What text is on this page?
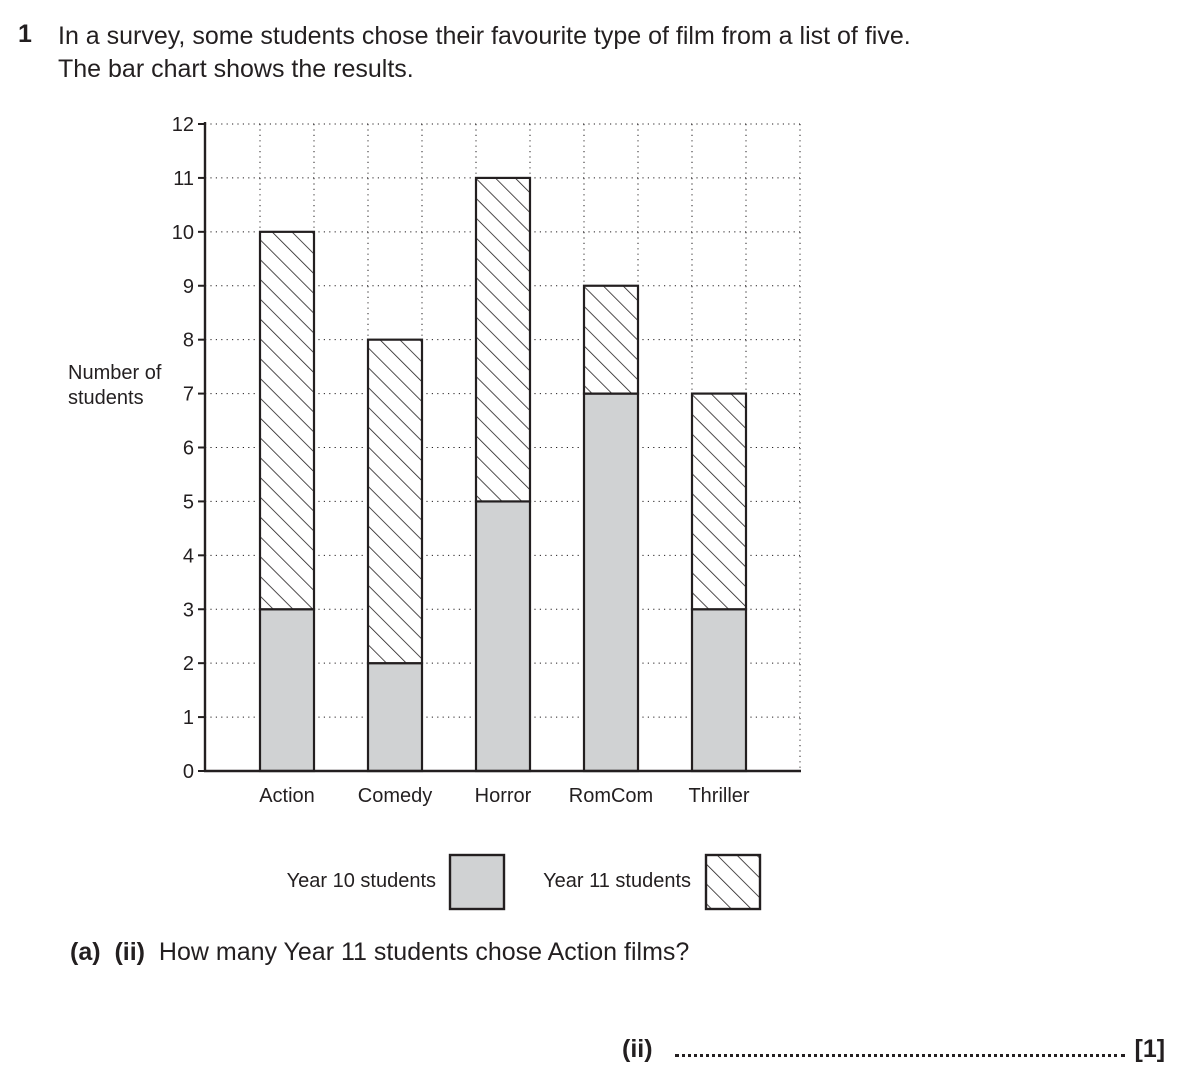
1 In a survey, some students chose their favourite type of film from a list of five.
The bar chart shows the results.
0
1
2
3
4
5
6
7
8
9
10
11
12
Action Comedy Horror RomCom Thriller
Number of
students
Year 10 students	Year 11 students
(a) (ii) How many Year 11 students chose Action films?
(ii)	[1]
